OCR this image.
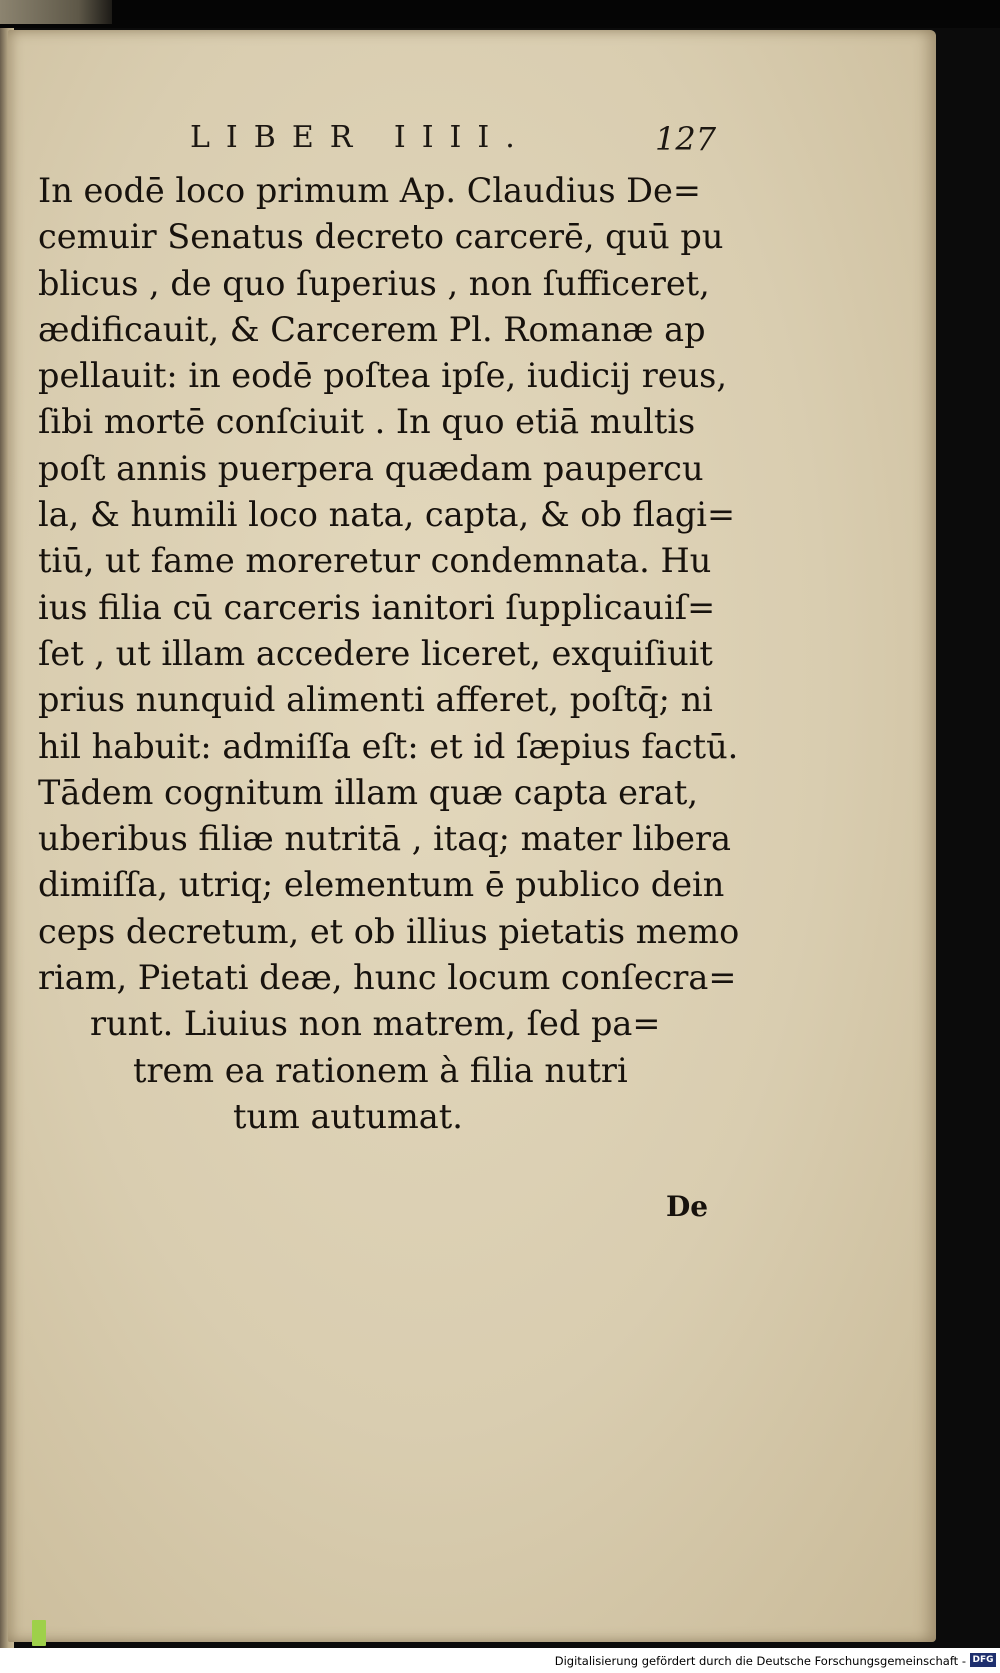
LIBER IIII.	127
In eodē loco primum Ap. Claudius De=
cemuir Senatus decreto carcerē, quū pu
blicus , de quo ſuperius , non ſufficeret,
ædificauit, & Carcerem Pl. Romanæ ap
pellauit: in eodē poſtea ipſe, iudicij reus,
ſibi mortē conſciuit . In quo etiā multis
poſt annis puerpera quædam paupercu
la, & humili loco nata, capta, & ob flagi=
tiū, ut fame moreretur condemnata. Hu
ius filia cū carceris ianitori ſupplicauiſ=
ſet , ut illam accedere liceret, exquiſiuit
prius nunquid alimenti afferet, poſtq̄; ni
hil habuit: admiſſa eſt: et id ſæpius factū.
Tādem cognitum illam quæ capta erat,
uberibus filiæ nutritā , itaq; mater libera
dimiſſa, utriq; elementum ē publico dein
ceps decretum, et ob illius pietatis memo
riam, Pietati deæ, hunc locum conſecra=
runt. Liuius non matrem, ſed pa=
trem ea rationem à filia nutri
tum autumat.
De
Digitalisierung gefördert durch die Deutsche Forschungsgemeinschaft - DFG
